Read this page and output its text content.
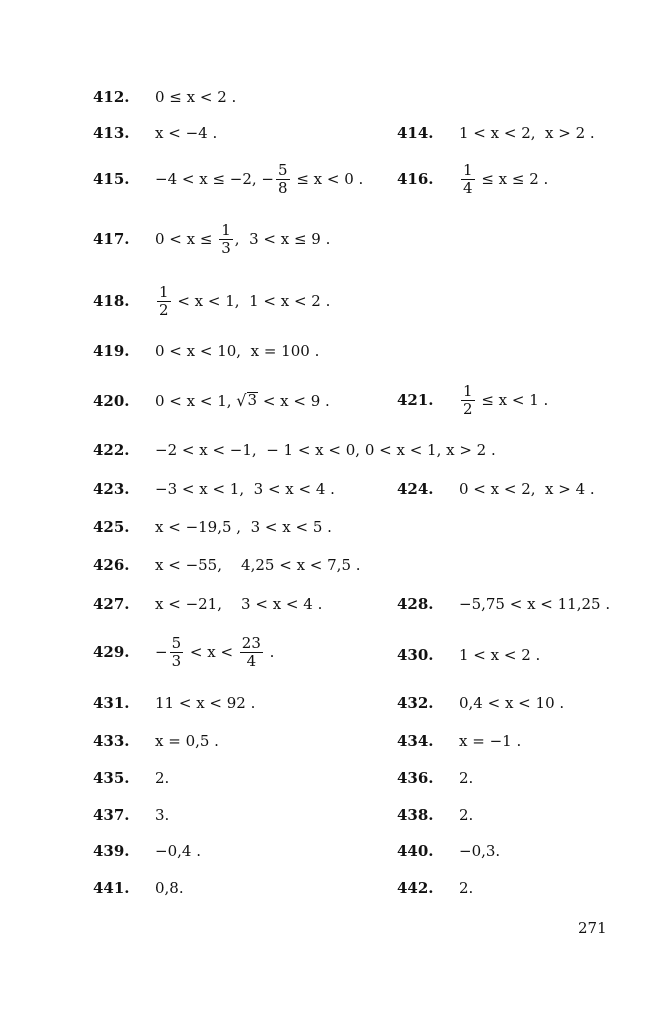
412.	0 ≤ x < 2 .
413.	x < −4 .	414.	1 < x < 2,  x > 2 .
415.	−4 < x ≤ −2, − $\frac{5}{8} \le x < 0$ . 416.	$\frac{1}{4} \le x \le 2$ .
417.	$0 < x \le \frac{1}{3}$ ,  3 < x ≤ 9 .
418.	$\frac{1}{2} < x < 1$,  1 < x < 2 .
419.	0 < x < 10,  x = 100 .
420.	0 < x < 1, √ 3 < x < 9 .	421.	$\frac{1}{2} \le x < 1$ .
422.	−2 < x < −1,  − 1 < x < 0, 0 < x < 1, x > 2 .
423.	−3 < x < 1,  3 < x < 4 .	424.	0 < x < 2,  x > 4 .
425.	x < −19,5 ,  3 < x < 5 .
426.	x < −55,    4,25 < x < 7,5 .
427.	x < −21,    3 < x < 4 .	428.	−5,75 < x < 11,25 .
429.	− $\frac{5}{3} < x < \frac{23}{4}$ .	430.	1 < x < 2 .
431.	11 < x < 92 .	432.	0,4 < x < 10 .
433.	x = 0,5 .	434.	x = −1 .
435.	2.	436.	2.
437.	3.	438.	2.
439.	−0,4 .	440.	−0,3.
441.	0,8.	442.	2.
271
